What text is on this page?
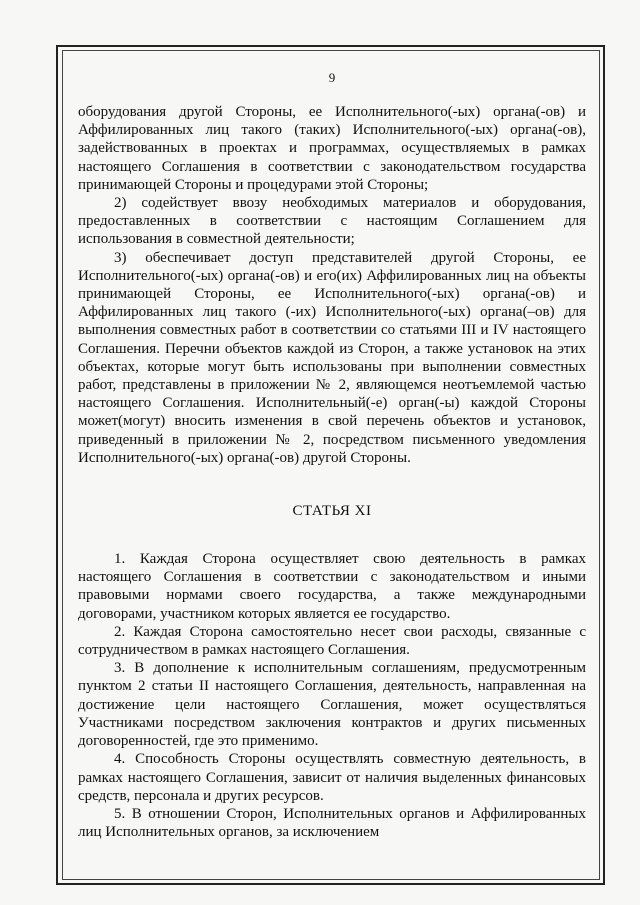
9

оборудования другой Стороны, ее Исполнительного(-ых) органа(-ов) и Аффилированных лиц такого (таких) Исполнительного(-ых) органа(-ов), задействованных в проектах и программах, осуществляемых в рамках настоящего Соглашения в соответствии с законодательством государства принимающей Стороны и процедурами этой Стороны;

2) содействует ввозу необходимых материалов и оборудования, предоставленных в соответствии с настоящим Соглашением для использования в совместной деятельности;

3) обеспечивает доступ представителей другой Стороны, ее Исполнительного(-ых) органа(-ов) и его(их) Аффилированных лиц на объекты принимающей Стороны, ее Исполнительного(-ых) органа(-ов) и Аффилированных лиц такого (-их) Исполнительного(-ых) органа(–ов) для выполнения совместных работ в соответствии со статьями III и IV настоящего Соглашения. Перечни объектов каждой из Сторон, а также установок на этих объектах, которые могут быть использованы при выполнении совместных работ, представлены в приложении № 2, являющемся неотъемлемой частью настоящего Соглашения. Исполнительный(-е) орган(-ы) каждой Стороны может(могут) вносить изменения в свой перечень объектов и установок, приведенный в приложении № 2, посредством письменного уведомления Исполнительного(-ых) органа(-ов) другой Стороны.

СТАТЬЯ XI

1. Каждая Сторона осуществляет свою деятельность в рамках настоящего Соглашения в соответствии с законодательством и иными правовыми нормами своего государства, а также международными договорами, участником которых является ее государство.

2. Каждая Сторона самостоятельно несет свои расходы, связанные с сотрудничеством в рамках настоящего Соглашения.

3. В дополнение к исполнительным соглашениям, предусмотренным пунктом 2 статьи II настоящего Соглашения, деятельность, направленная на достижение цели настоящего Соглашения, может осуществляться Участниками посредством заключения контрактов и других письменных договоренностей, где это применимо.

4. Способность Стороны осуществлять совместную деятельность, в рамках настоящего Соглашения, зависит от наличия выделенных финансовых средств, персонала и других ресурсов.

5. В отношении Сторон, Исполнительных органов и Аффилированных лиц Исполнительных органов, за исключением
